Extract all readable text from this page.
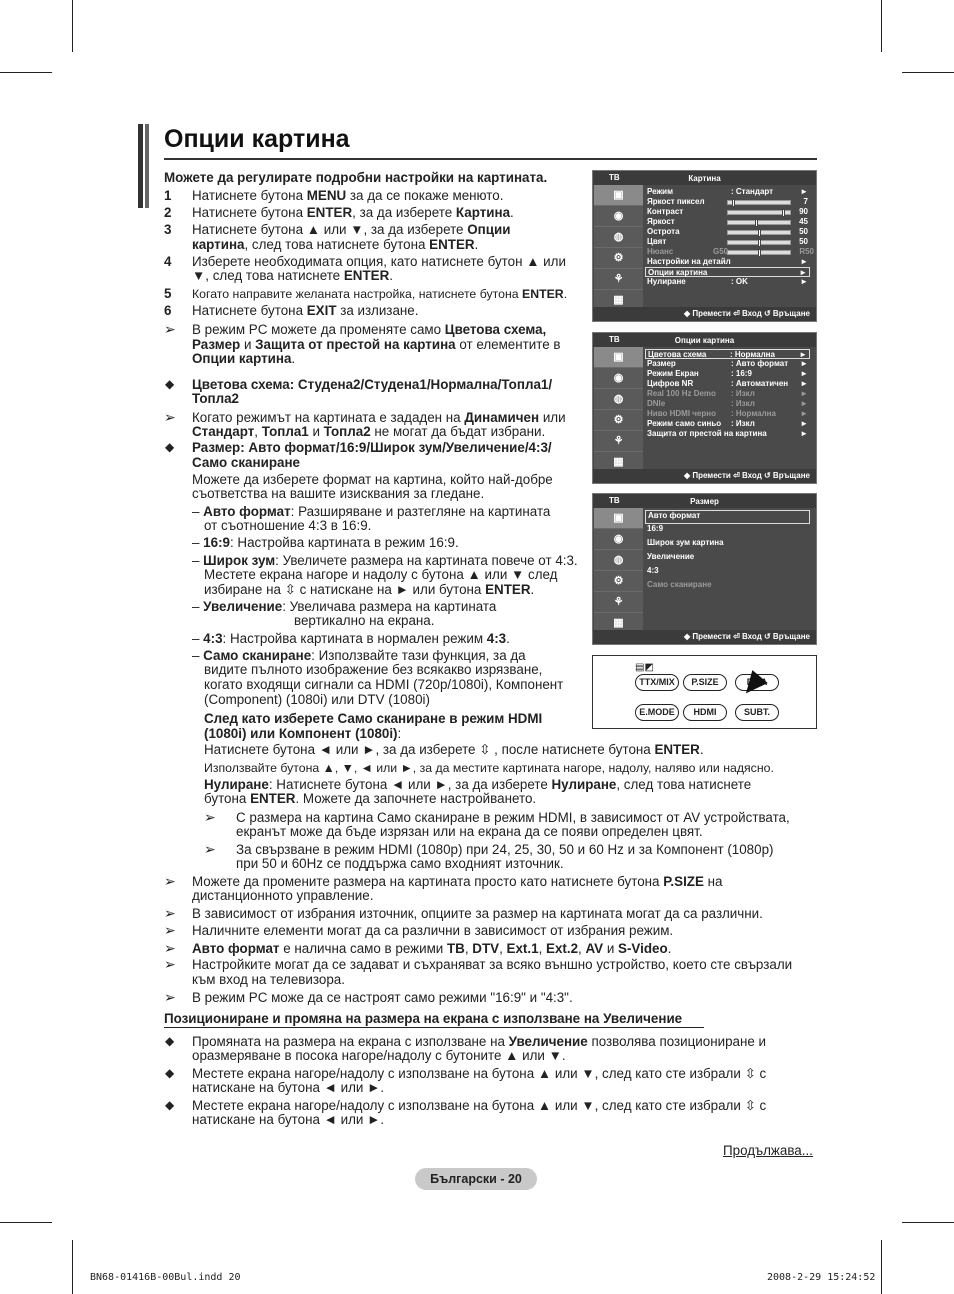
Опции картина
Можете да регулирате подробни настройки на картината.
1	Натиснете бутона MENU за да се покаже менюто.
2	Натиснете бутона ENTER, за да изберете Картина.
3	Натиснете бутона ▲ или ▼, за да изберете Опции
картина, след това натиснете бутона ENTER.
4	Изберете необходимата опция, като натиснете бутон ▲ или
▼, след това натиснете ENTER.
5	Когато направите желаната настройка, натиснете бутона ENTER.
6	Натиснете бутона EXIT за излизане.
В режим PC можете да променяте само Цветова схема,
Размер и Защита от престой на картина от елементите в
Опции картина.
Цветова схема: Студена2/Студена1/Нормална/Топла1/
Топла2
Когато режимът на картината е зададен на Динамичен или
Стандарт, Топла1 и Топла2 не могат да бъдат избрани.
Размер: Авто формат/16:9/Широк зум/Увеличение/4:3/
Само сканиране
Можете да изберете формат на картина, който най-добре
съответства на вашите изисквания за гледане.
– Авто формат: Разширяване и разтегляне на картината
от съотношение 4:3 в 16:9.
– 16:9: Настройва картината в режим 16:9.
– Широк зум: Увеличете размера на картината повече от 4:3.
Местете екрана нагоре и надолу с бутона ▲ или ▼ след
избиране на ⇳ с натискане на ► или бутона ENTER.
– Увеличение: Увеличава размера на картината
вертикално на екрана.
– 4:3: Настройва картината в нормален режим 4:3.
– Само сканиране: Използвайте тази функция, за да
видите пълното изображение без всякакво изрязване,
когато входящи сигнали са HDMI (720p/1080i), Компонент
(Component) (1080i) или DTV (1080i)
След като изберете Само сканиране в режим HDMI
(1080i) или Компонент (1080i):
Натиснете бутона ◄ или ►, за да изберете ⇳ , после натиснете бутона ENTER.
Използвайте бутона ▲, ▼, ◄ или ►, за да местите картината нагоре, надолу, наляво или надясно.
Нулиране: Натиснете бутона ◄ или ►, за да изберете Нулиране, след това натиснете
бутона ENTER. Можете да започнете настройването.
С размера на картина Само сканиране в режим HDMI, в зависимост от AV устройствата,
екранът може да бъде изрязан или на екрана да се появи определен цвят.
За свързване в режим HDMI (1080p) при 24, 25, 30, 50 и 60 Hz и за Компонент (1080p)
при 50 и 60Hz се поддържа само входният източник.
Можете да промените размера на картината просто като натиснете бутона P.SIZE на
дистанционното управление.
В зависимост от избрания източник, опциите за размер на картината могат да са различни.
Наличните елементи могат да са различни в зависимост от избрания режим.
Авто формат е налична само в режими TB, DTV, Ext.1, Ext.2, AV и S-Video.
Настройките могат да се задават и съхраняват за всяко външно устройство, което сте свързали
към вход на телевизора.
В режим PC може да се настроят само режими "16:9" и "4:3".
Промяната на размера на екрана с използване на Увеличение позволява позициониране и
оразмеряване в посока нагоре/надолу с бутоните ▲ или ▼.
Местете екрана нагоре/надолу с използване на бутона ▲ или ▼, след като сте избрали ⇳ с
натискане на бутона ◄ или ►.
Местете екрана нагоре/надолу с използване на бутона ▲ или ▼, след като сте избрали ⇳ с
натискане на бутона ◄ или ►.
➢
➢
➢
➢
➢
➢
➢
➢
➢
➢
◆
◆
◆
◆
◆
Позициониране и промяна на размера на екрана с използване на Увеличение
Продължава...
Български - 20
BN68-01416B-00Bul.indd 20	2008-2-29 15:24:52
TB	Картина
▣
◉
◍
⚙
⚘
▦
Режим	: Стандарт	►
Яркост пиксел	7
Контраст	90
Яркост	45
Острота	50
Цвят	50
Нюанс	G50	R50
Настройки на детайл	►
Опции картина	►
Нулиране	: OK	►
◆ Премести ⏎ Вход ↺ Връщане
TB	Опции картина
▣
◉
◍
⚙
⚘
▦
Цветова схема	: Нормална	►
Размер	: Авто формат ►
Режим Екран	: 16:9	►
Цифров NR	: Автоматичен ►
Real 100 Hz Demo : Изкл	►
DNIe	: Изкл	►
Ниво HDMI черно : Нормална	►
Режим само синьо : Изкл	►
Защита от престой на картина	►
◆ Премести ⏎ Вход ↺ Връщане
TB	Размер
▣
◉
◍
⚙
⚘
▦
Авто формат
16:9
Широк зум картина
Увеличение
4:3
Само сканиране
◆ Премести ⏎ Вход ↺ Връщане
▤◩
TTX/MIX	P.SIZE	DMA
E.MODE	HDMI	SUBT.
